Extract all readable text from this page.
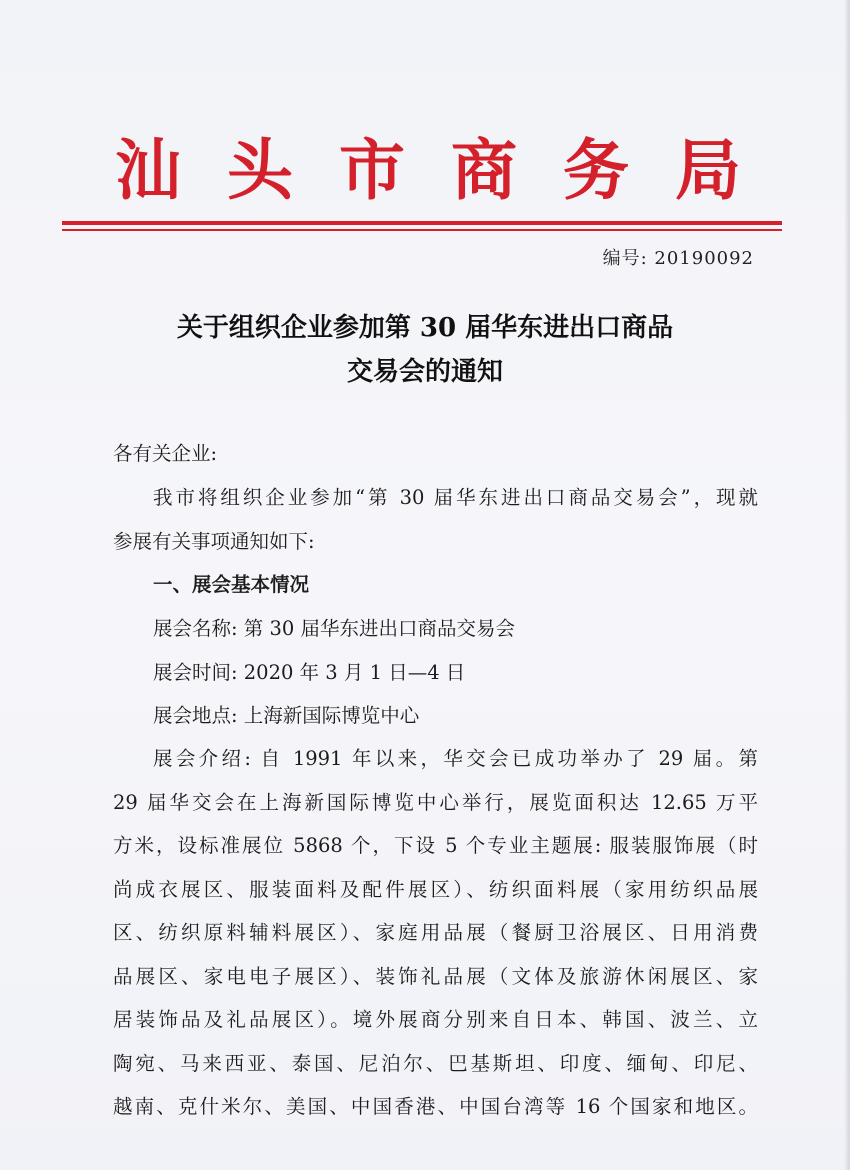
汕 头 市 商 务 局
编号: 20190092
关于组织企业参加第 30 届华东进出口商品
交易会的通知
各有关企业:
我市将组织企业参加“第 30 届华东进出口商品交易会”，现就
参展有关事项通知如下:
一、展会基本情况
展会名称: 第 30 届华东进出口商品交易会
展会时间: 2020 年 3 月 1 日—4 日
展会地点: 上海新国际博览中心
展会介绍: 自 1991 年以来，华交会已成功举办了 29 届。第
29 届华交会在上海新国际博览中心举行，展览面积达 12.65 万平
方米，设标准展位 5868 个，下设 5 个专业主题展: 服装服饰展（时
尚成衣展区、服装面料及配件展区）、纺织面料展（家用纺织品展
区、纺织原料辅料展区）、家庭用品展（餐厨卫浴展区、日用消费
品展区、家电电子展区）、装饰礼品展（文体及旅游休闲展区、家
居装饰品及礼品展区）。境外展商分别来自日本、韩国、波兰、立
陶宛、马来西亚、泰国、尼泊尔、巴基斯坦、印度、缅甸、印尼、
越南、克什米尔、美国、中国香港、中国台湾等 16 个国家和地区。
